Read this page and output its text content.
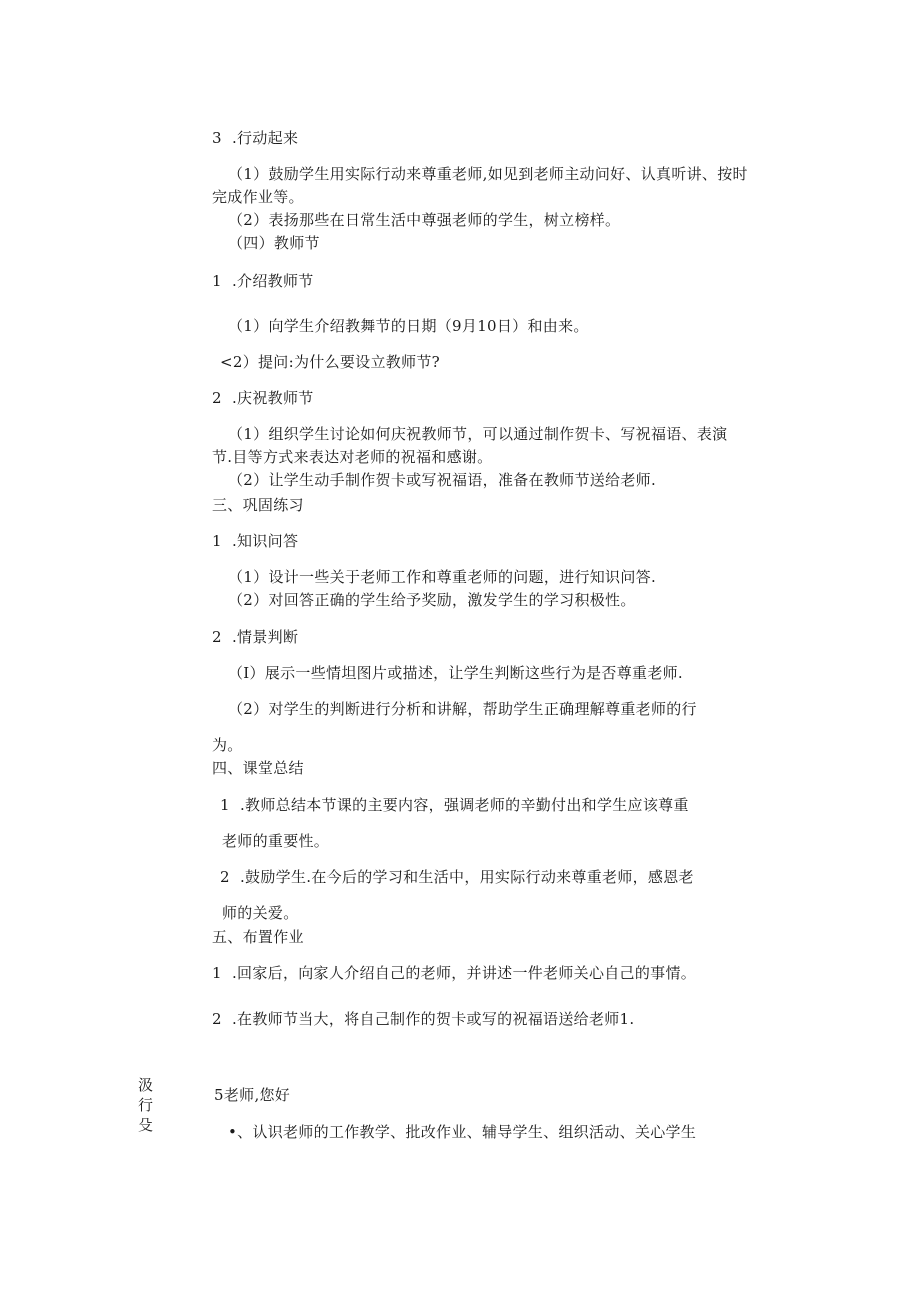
3  .行动起来
（1）鼓励学生用实际行动来尊重老师,如见到老师主动问好、认真听讲、按时
完成作业等。
（2）表扬那些在日常生活中尊强老师的学生，树立榜样。
（四）教师节
1  .介绍教师节
（1）向学生介绍教舞节的日期（9月10日）和由来。
<2）提问:为什么要设立教师节?
2  .庆祝教师节
（1）组织学生讨论如何庆祝教师节，可以通过制作贺卡、写祝福语、表演
节.目等方式来表达对老师的祝福和感谢。
（2）让学生动手制作贺卡或写祝福语，准备在教师节送给老师.
三、巩固练习
1  .知识问答
（1）设计一些关于老师工作和尊重老师的问题，进行知识问答.
（2）对回答正确的学生给予奖励，激发学生的学习积极性。
2  .情景判断
（I）展示一些情坦图片或描述，让学生判断这些行为是否尊重老师.
（2）对学生的判断进行分析和讲解，帮助学生正确理解尊重老师的行
为。
四、课堂总结
1  .教师总结本节课的主要内容，强调老师的辛勤付出和学生应该尊重
老师的重要性。
2  .鼓励学生.在今后的学习和生活中，用实际行动来尊重老师，感恩老
师的关爱。
五、布置作业
1  .回家后，向家人介绍自己的老师，并讲述一件老师关心自己的事情。
2  .在教师节当大，将自己制作的贺卡或写的祝福语送给老师1.
5老师,您好
•、认识老师的工作教学、批改作业、辅导学生、组织活动、关心学生
汲
行
殳
